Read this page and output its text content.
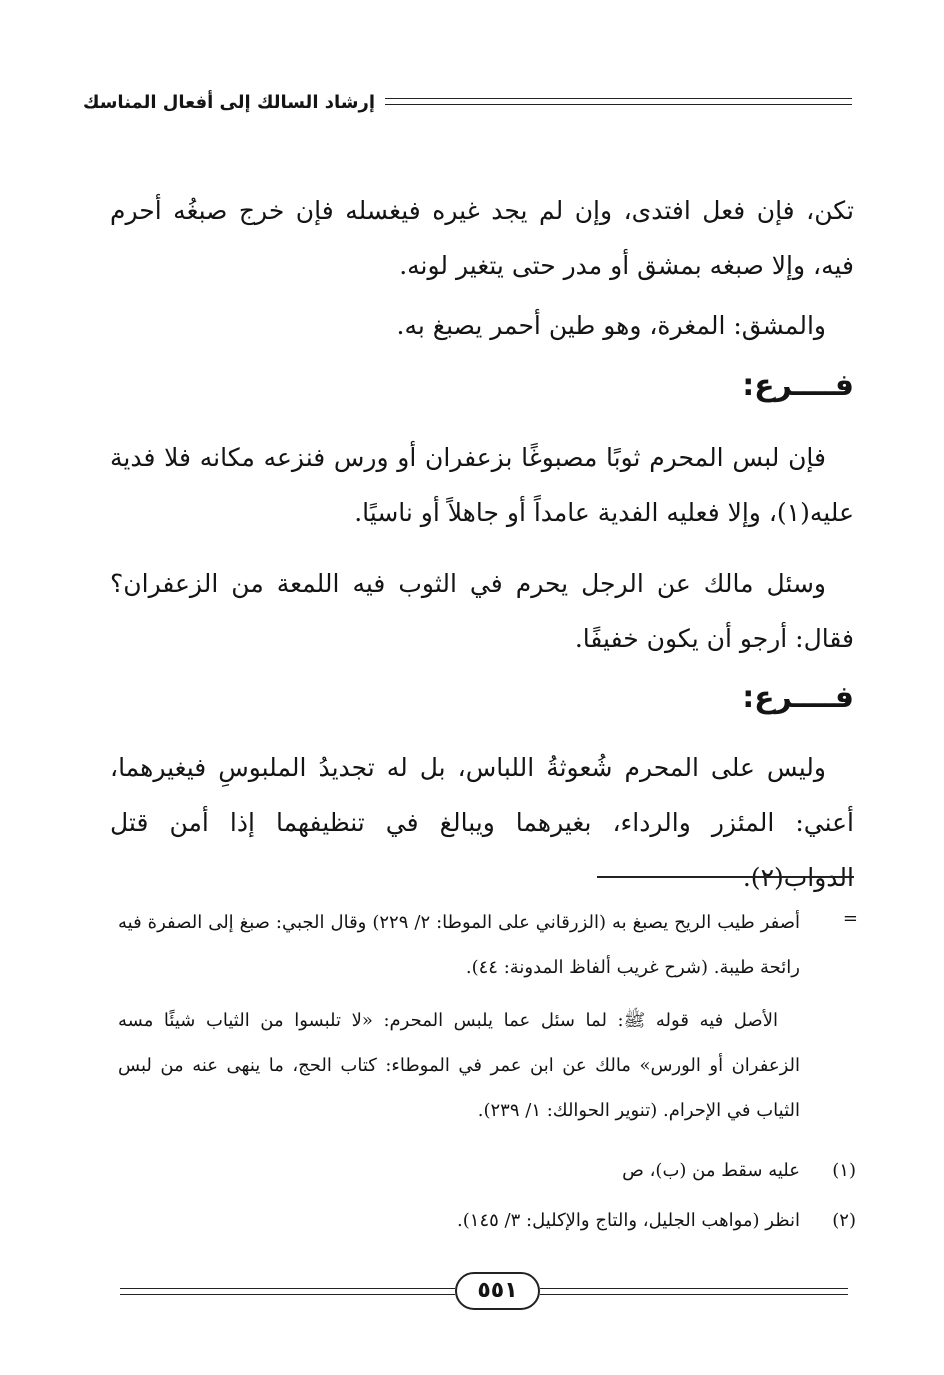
إرشاد السالك إلى أفعال المناسك

تكن، فإن فعل افتدى، وإن لم يجد غيره فيغسله فإن خرج صبغُه أحرم فيه، وإلا صبغه بمشق أو مدر حتى يتغير لونه.

والمشق: المغرة، وهو طين أحمر يصبغ به.

فــــرع:

فإن لبس المحرم ثوبًا مصبوغًا بزعفران أو ورس فنزعه مكانه فلا فدية عليه(١)، وإلا فعليه الفدية عامداً أو جاهلاً أو ناسيًا.

وسئل مالك عن الرجل يحرم في الثوب فيه اللمعة من الزعفران؟ فقال: أرجو أن يكون خفيفًا.

فــــرع:

وليس على المحرم شُعوثةُ اللباس، بل له تجديدُ الملبوسِ فيغيرهما، أعني: المئزر والرداء، بغيرهما ويبالغ في تنظيفهما إذا أمن قتل الدواب(٢).

=

أصفر طيب الريح يصبغ به (الزرقاني على الموطا: ٢/ ٢٢٩) وقال الجبي: صبغ إلى الصفرة فيه رائحة طيبة. (شرح غريب ألفاظ المدونة: ٤٤).

الأصل فيه قوله ﷺ: لما سئل عما يلبس المحرم: «لا تلبسوا من الثياب شيئًا مسه الزعفران أو الورس» مالك عن ابن عمر في الموطاء: كتاب الحج، ما ينهى عنه من لبس الثياب في الإحرام. (تنوير الحوالك: ١/ ٢٣٩).

(١)
عليه سقط من (ب)، ص
(٢)
انظر (مواهب الجليل، والتاج والإكليل: ٣/ ١٤٥).
٥٥١
